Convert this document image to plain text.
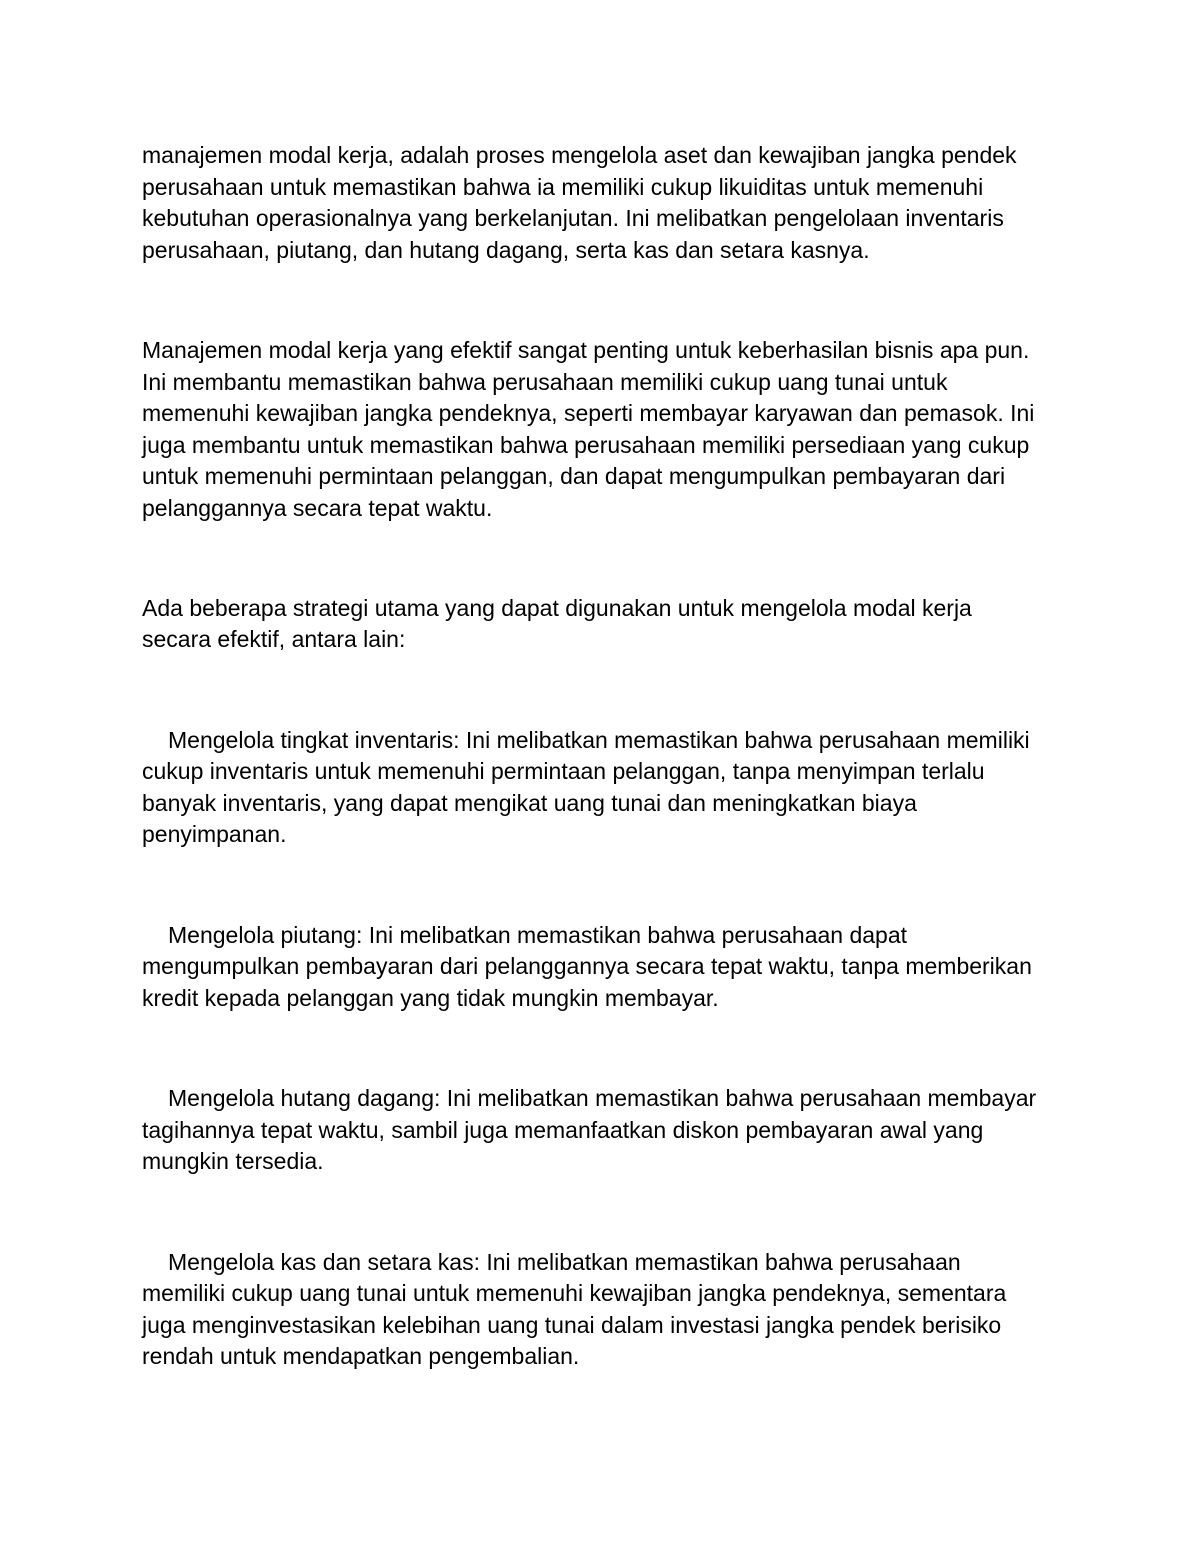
manajemen modal kerja, adalah proses mengelola aset dan kewajiban jangka pendek
perusahaan untuk memastikan bahwa ia memiliki cukup likuiditas untuk memenuhi
kebutuhan operasionalnya yang berkelanjutan. Ini melibatkan pengelolaan inventaris
perusahaan, piutang, dan hutang dagang, serta kas dan setara kasnya.
Manajemen modal kerja yang efektif sangat penting untuk keberhasilan bisnis apa pun.
Ini membantu memastikan bahwa perusahaan memiliki cukup uang tunai untuk
memenuhi kewajiban jangka pendeknya, seperti membayar karyawan dan pemasok. Ini
juga membantu untuk memastikan bahwa perusahaan memiliki persediaan yang cukup
untuk memenuhi permintaan pelanggan, dan dapat mengumpulkan pembayaran dari
pelanggannya secara tepat waktu.
Ada beberapa strategi utama yang dapat digunakan untuk mengelola modal kerja
secara efektif, antara lain:
Mengelola tingkat inventaris: Ini melibatkan memastikan bahwa perusahaan memiliki
cukup inventaris untuk memenuhi permintaan pelanggan, tanpa menyimpan terlalu
banyak inventaris, yang dapat mengikat uang tunai dan meningkatkan biaya
penyimpanan.
Mengelola piutang: Ini melibatkan memastikan bahwa perusahaan dapat
mengumpulkan pembayaran dari pelanggannya secara tepat waktu, tanpa memberikan
kredit kepada pelanggan yang tidak mungkin membayar.
Mengelola hutang dagang: Ini melibatkan memastikan bahwa perusahaan membayar
tagihannya tepat waktu, sambil juga memanfaatkan diskon pembayaran awal yang
mungkin tersedia.
Mengelola kas dan setara kas: Ini melibatkan memastikan bahwa perusahaan
memiliki cukup uang tunai untuk memenuhi kewajiban jangka pendeknya, sementara
juga menginvestasikan kelebihan uang tunai dalam investasi jangka pendek berisiko
rendah untuk mendapatkan pengembalian.
